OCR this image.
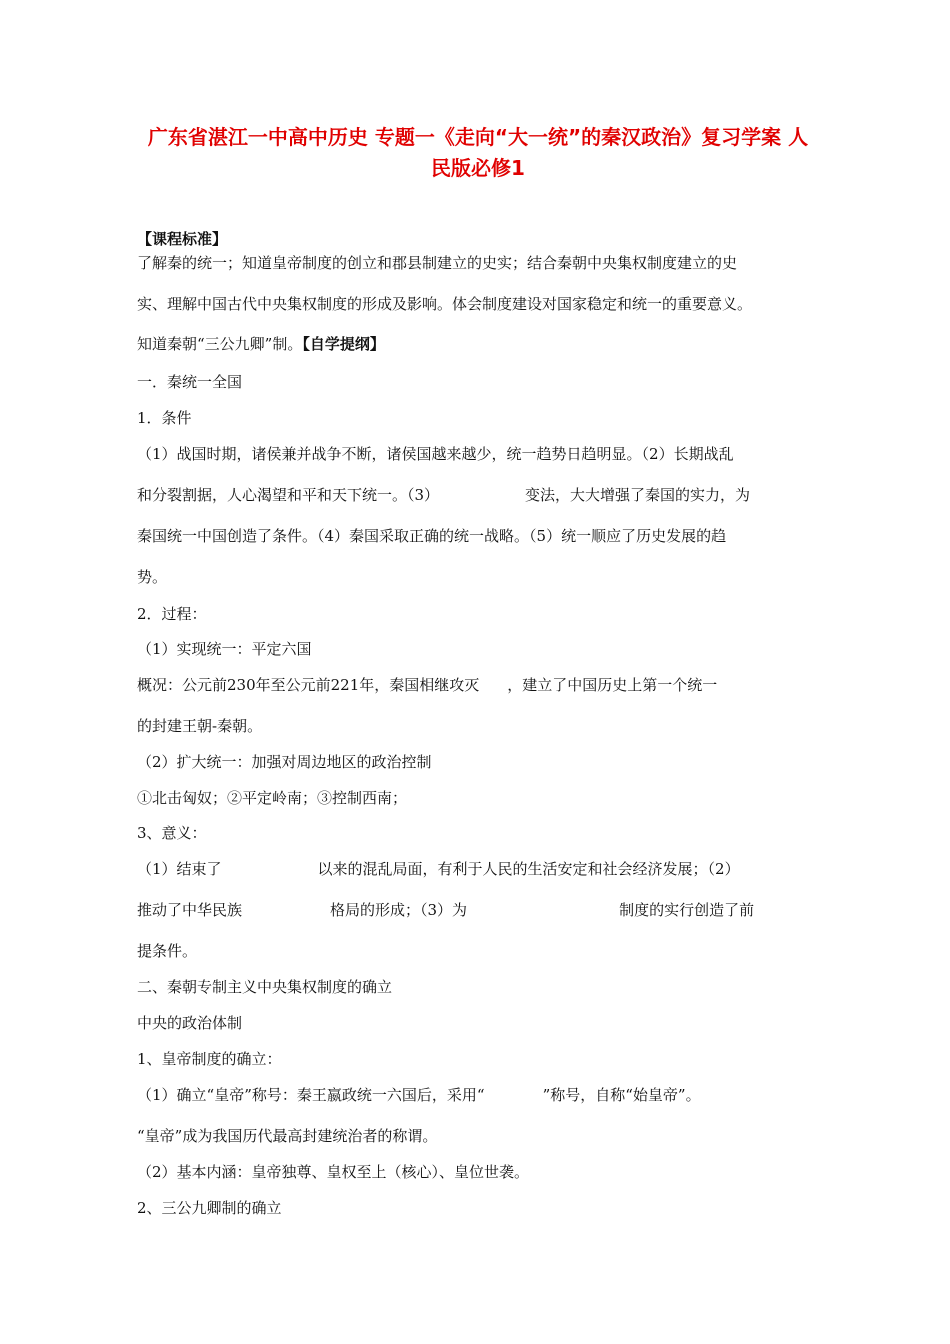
广东省湛江一中高中历史 专题一《走向“大一统”的秦汉政治》复习学案 人民版必修1
【课程标准】
了解秦的统一；知道皇帝制度的创立和郡县制建立的史实；结合秦朝中央集权制度建立的史
实、理解中国古代中央集权制度的形成及影响。体会制度建设对国家稳定和统一的重要意义。
知道秦朝“三公九卿”制。【自学提纲】
一．秦统一全国
1．条件
（1）战国时期，诸侯兼并战争不断，诸侯国越来越少，统一趋势日趋明显。（2）长期战乱
和分裂割据，人心渴望和平和天下统一。（3）	变法，大大增强了秦国的实力，为
秦国统一中国创造了条件。（4）秦国采取正确的统一战略。（5）统一顺应了历史发展的趋
势。
2．过程：
（1）实现统一：平定六国
概况：公元前230年至公元前221年，秦国相继攻灭 ，建立了中国历史上第一个统一
的封建王朝-秦朝。
（2）扩大统一：加强对周边地区的政治控制
①北击匈奴；②平定岭南；③控制西南；
3、意义：
（1）结束了	以来的混乱局面，有利于人民的生活安定和社会经济发展；（2）
推动了中华民族	格局的形成；（3）为	制度的实行创造了前
提条件。
二、秦朝专制主义中央集权制度的确立
中央的政治体制
1、皇帝制度的确立：
（1）确立“皇帝”称号：秦王嬴政统一六国后，采用“	”称号，自称“始皇帝”。
“皇帝”成为我国历代最高封建统治者的称谓。
（2）基本内涵：皇帝独尊、皇权至上（核心）、皇位世袭。
2、三公九卿制的确立
